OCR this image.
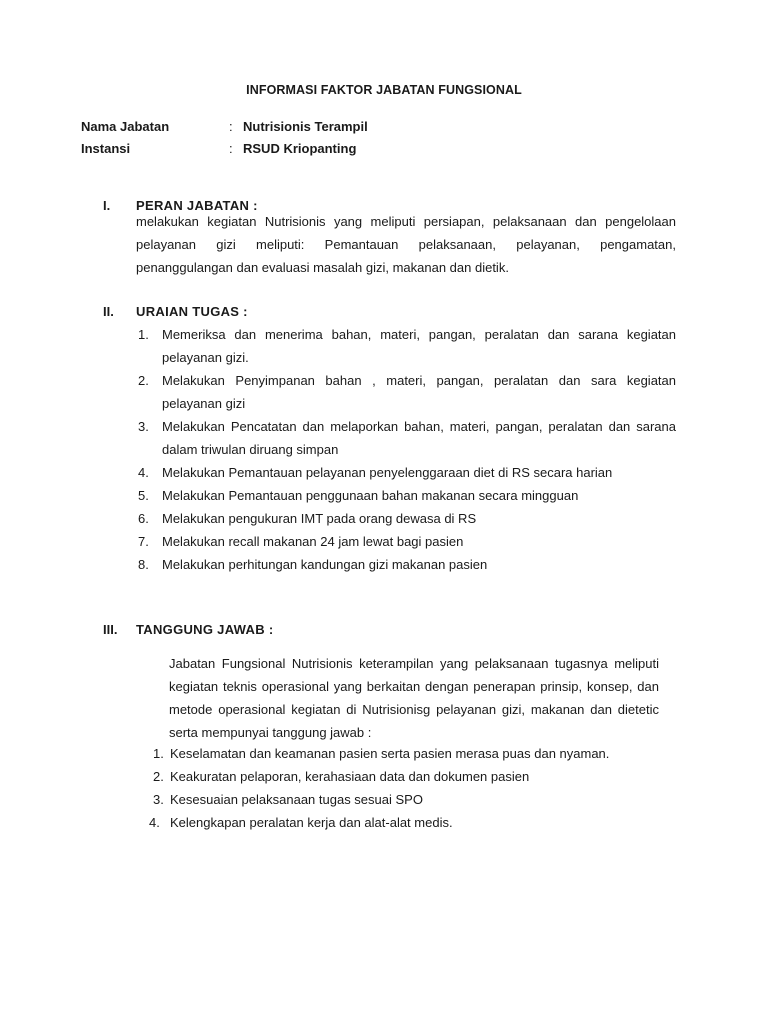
INFORMASI FAKTOR JABATAN FUNGSIONAL
Nama Jabatan	: Nutrisionis Terampil
Instansi	: RSUD Kriopanting
I. PERAN JABATAN :
melakukan kegiatan Nutrisionis yang meliputi persiapan, pelaksanaan dan pengelolaan pelayanan gizi meliputi: Pemantauan pelaksanaan, pelayanan, pengamatan, penanggulangan dan evaluasi masalah gizi, makanan dan dietik.
II. URAIAN TUGAS :
1. Memeriksa dan menerima bahan, materi, pangan, peralatan dan sarana kegiatan pelayanan gizi.
2. Melakukan Penyimpanan bahan , materi, pangan, peralatan dan sara kegiatan pelayanan gizi
3. Melakukan Pencatatan dan melaporkan bahan, materi, pangan, peralatan dan sarana dalam triwulan diruang simpan
4. Melakukan Pemantauan pelayanan penyelenggaraan diet di RS secara harian
5. Melakukan Pemantauan penggunaan bahan makanan secara mingguan
6. Melakukan pengukuran IMT pada orang dewasa di RS
7. Melakukan recall makanan 24 jam lewat bagi pasien
8. Melakukan perhitungan kandungan gizi makanan pasien
III. TANGGUNG JAWAB :
Jabatan Fungsional Nutrisionis keterampilan yang pelaksanaan tugasnya meliputi kegiatan teknis operasional yang berkaitan dengan penerapan prinsip, konsep, dan metode operasional kegiatan di Nutrisionisg pelayanan gizi, makanan dan dietetic serta mempunyai tanggung jawab :
1. Keselamatan dan keamanan pasien serta pasien merasa puas dan nyaman.
2. Keakuratan pelaporan, kerahasiaan data dan dokumen pasien
3. Kesesuaian pelaksanaan tugas sesuai SPO
4. Kelengkapan peralatan kerja dan alat-alat medis.
